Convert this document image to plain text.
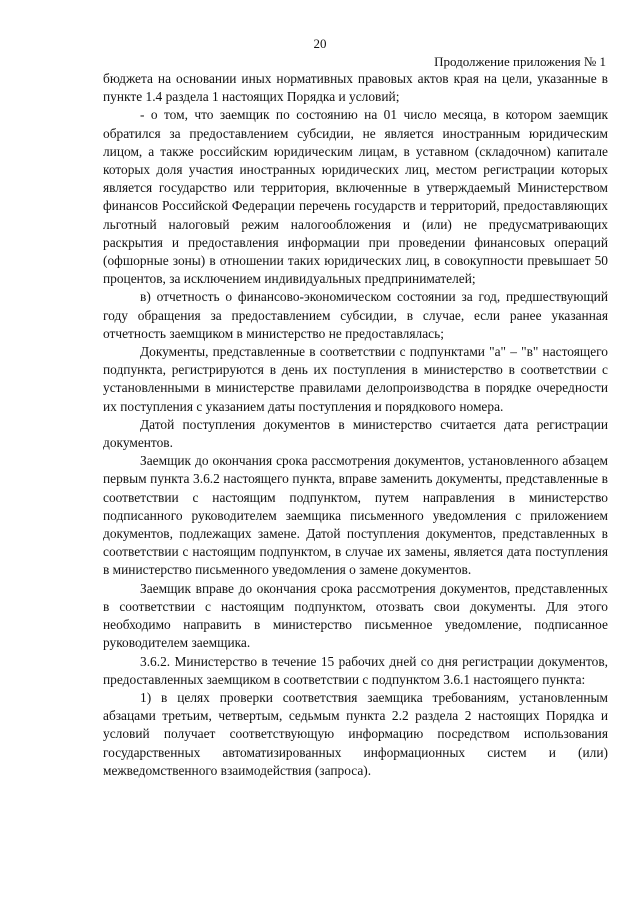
20
Продолжение приложения № 1

бюджета на основании иных нормативных правовых актов края на цели, указанные в пункте 1.4 раздела 1 настоящих Порядка и условий;

- о том, что заемщик по состоянию на 01 число месяца, в котором заемщик обратился за предоставлением субсидии, не является иностранным юридическим лицом, а также российским юридическим лицам, в уставном (складочном) капитале которых доля участия иностранных юридических лиц, местом регистрации которых является государство или территория, включенные в утверждаемый Министерством финансов Российской Федерации перечень государств и территорий, предоставляющих льготный налоговый режим налогообложения и (или) не предусматривающих раскрытия и предоставления информации при проведении финансовых операций (офшорные зоны) в отношении таких юридических лиц, в совокупности превышает 50 процентов, за исключением индивидуальных предпринимателей;

в) отчетность о финансово-экономическом состоянии за год, предшествующий году обращения за предоставлением субсидии, в случае, если ранее указанная отчетность заемщиком в министерство не предоставлялась;

Документы, представленные в соответствии с подпунктами "а" – "в" настоящего подпункта, регистрируются в день их поступления в министерство в соответствии с установленными в министерстве правилами делопроизводства в порядке очередности их поступления с указанием даты поступления и порядкового номера.

Датой поступления документов в министерство считается дата регистрации документов.

Заемщик до окончания срока рассмотрения документов, установленного абзацем первым пункта 3.6.2 настоящего пункта, вправе заменить документы, представленные в соответствии с настоящим подпунктом, путем направления в министерство подписанного руководителем заемщика письменного уведомления с приложением документов, подлежащих замене. Датой поступления документов, представленных в соответствии с настоящим подпунктом, в случае их замены, является дата поступления в министерство письменного уведомления о замене документов.

Заемщик вправе до окончания срока рассмотрения документов, представленных в соответствии с настоящим подпунктом, отозвать свои документы. Для этого необходимо направить в министерство письменное уведомление, подписанное руководителем заемщика.

3.6.2. Министерство в течение 15 рабочих дней со дня регистрации документов, предоставленных заемщиком в соответствии с подпунктом 3.6.1 настоящего пункта:

1) в целях проверки соответствия заемщика требованиям, установленным абзацами третьим, четвертым, седьмым пункта 2.2 раздела 2 настоящих Порядка и условий получает соответствующую информацию посредством использования государственных автоматизированных информационных систем и (или) межведомственного взаимодействия (запроса).
